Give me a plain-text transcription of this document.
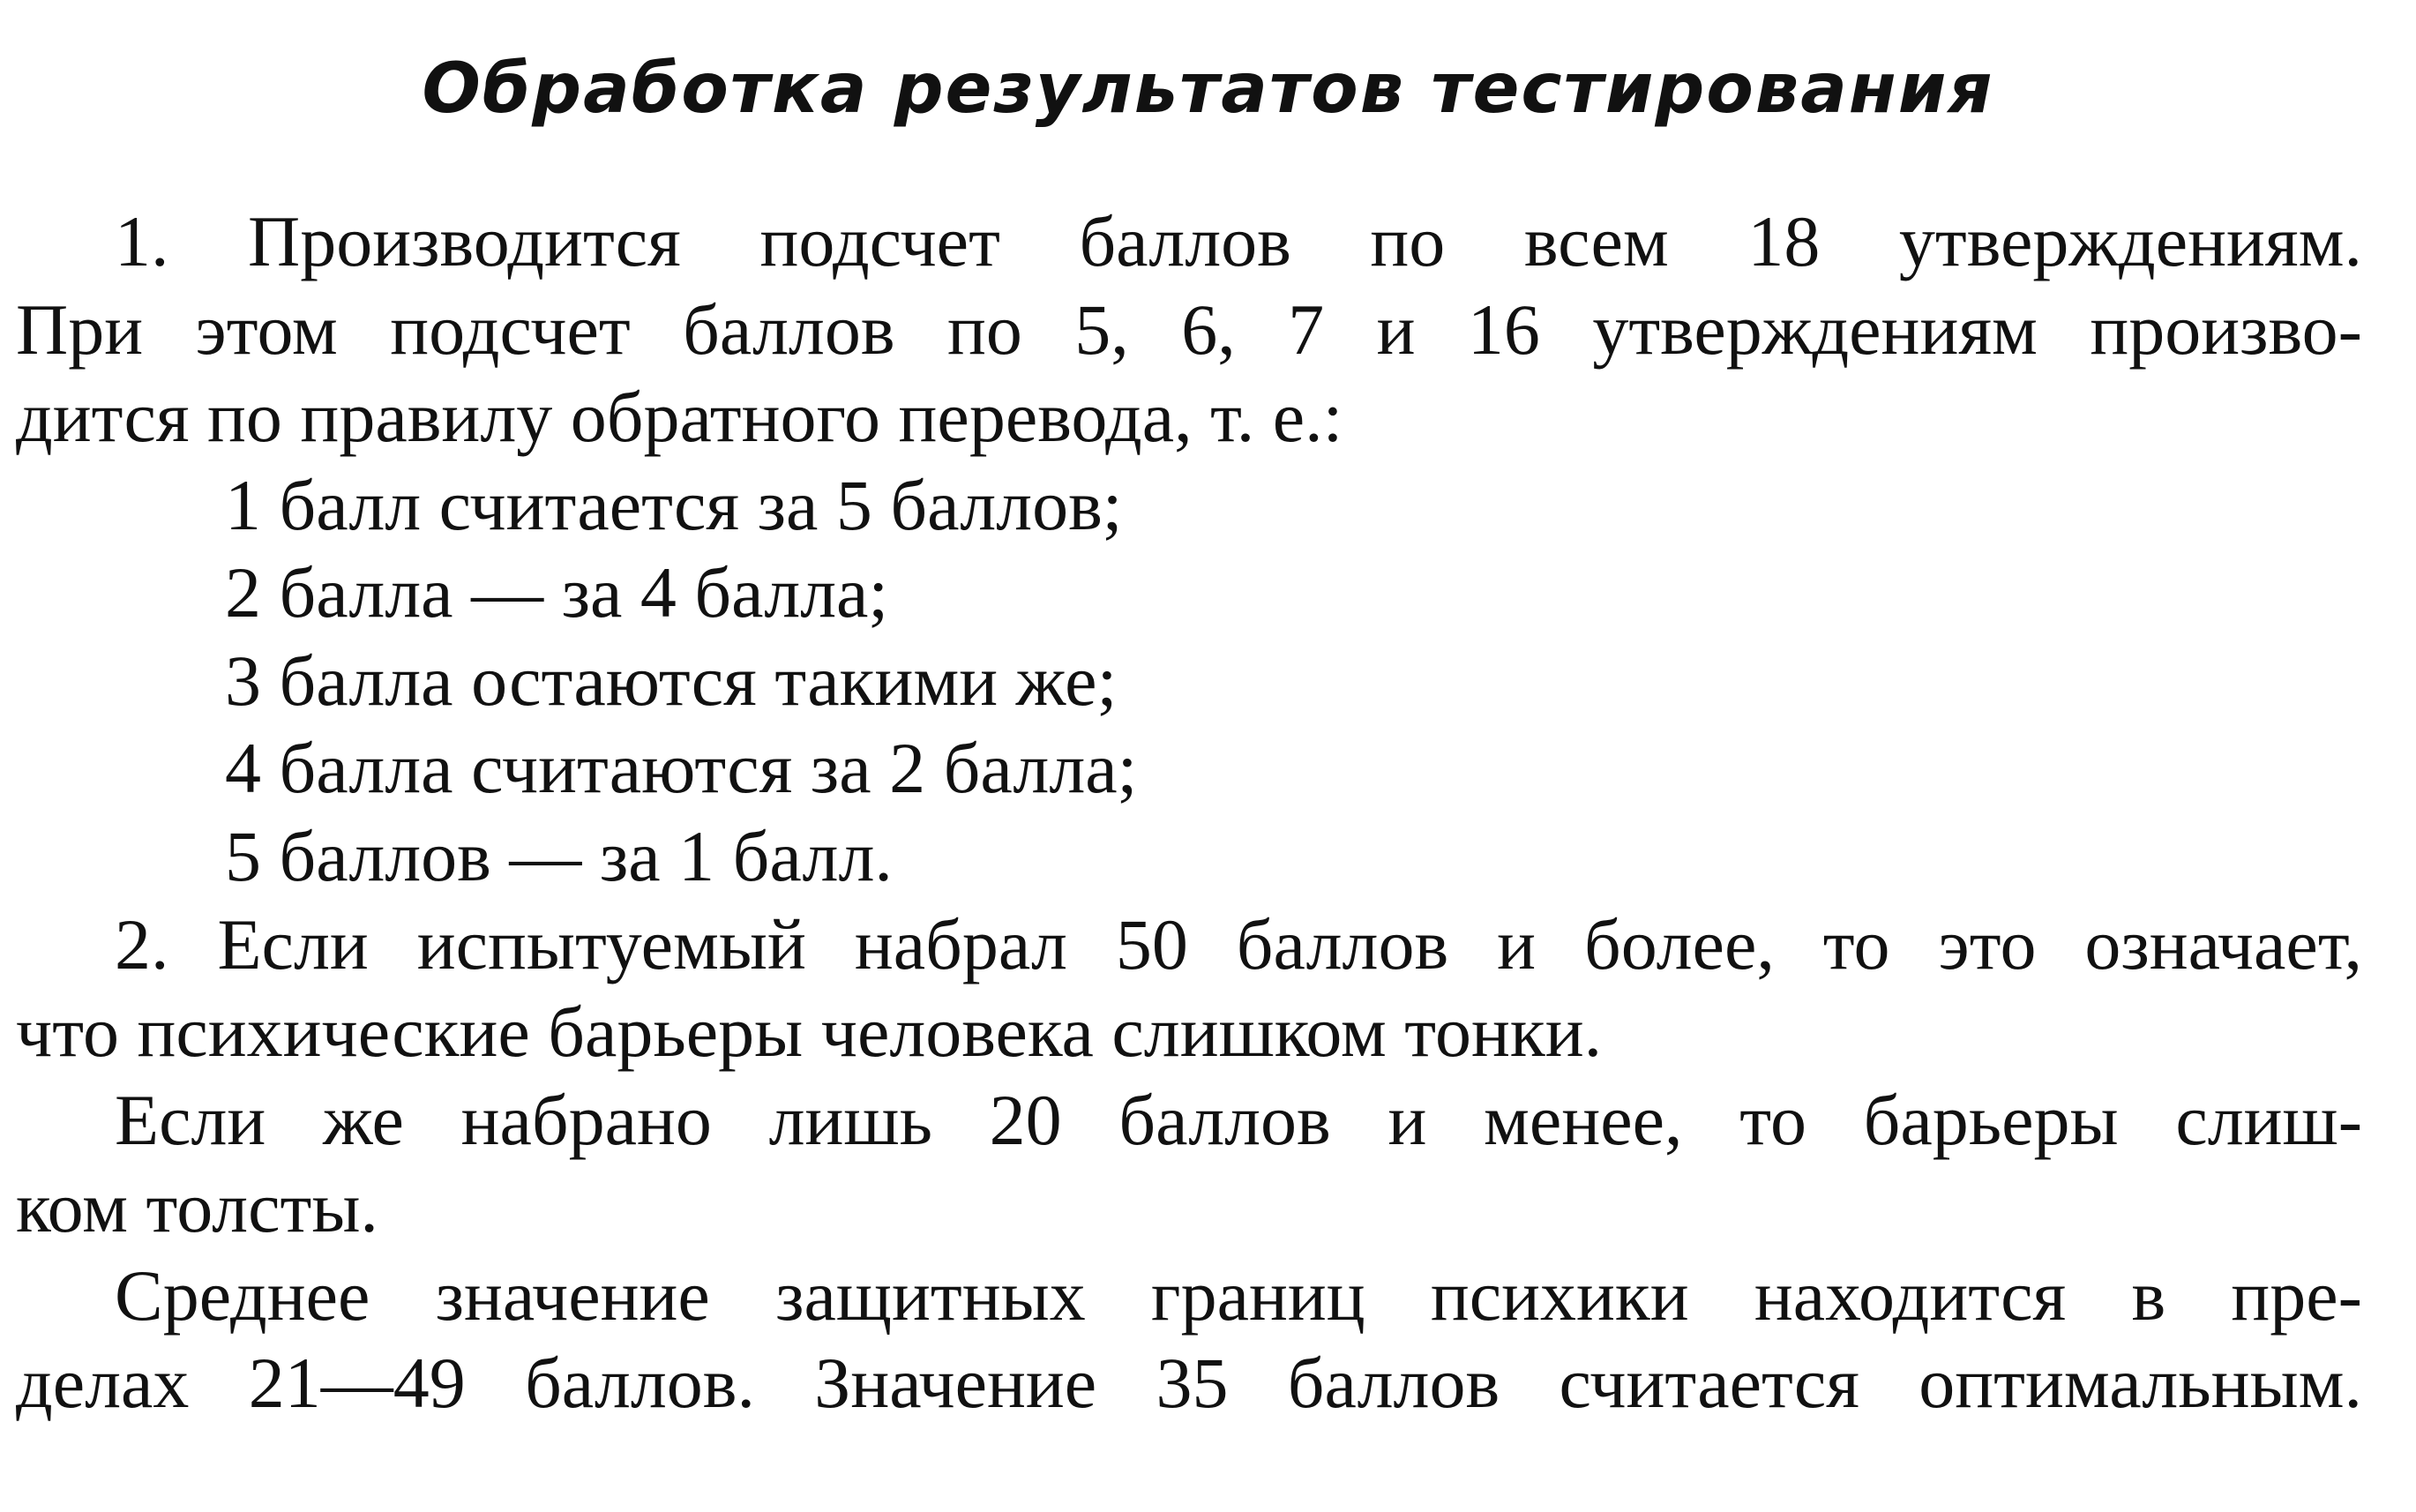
Обработка результатов тестирования
1. Производится подсчет баллов по всем 18 утверждениям.
При этом подсчет баллов по 5, 6, 7 и 16 утверждениям произво-
дится по правилу обратного перевода, т. е.:
1 балл считается за 5 баллов;
2 балла — за 4 балла;
3 балла остаются такими же;
4 балла считаются за 2 балла;
5 баллов — за 1 балл.
2. Если испытуемый набрал 50 баллов и более, то это означает,
что психические барьеры человека слишком тонки.
Если же набрано лишь 20 баллов и менее, то барьеры слиш-
ком толсты.
Среднее значение защитных границ психики находится в пре-
делах 21—49 баллов. Значение 35 баллов считается оптимальным.
